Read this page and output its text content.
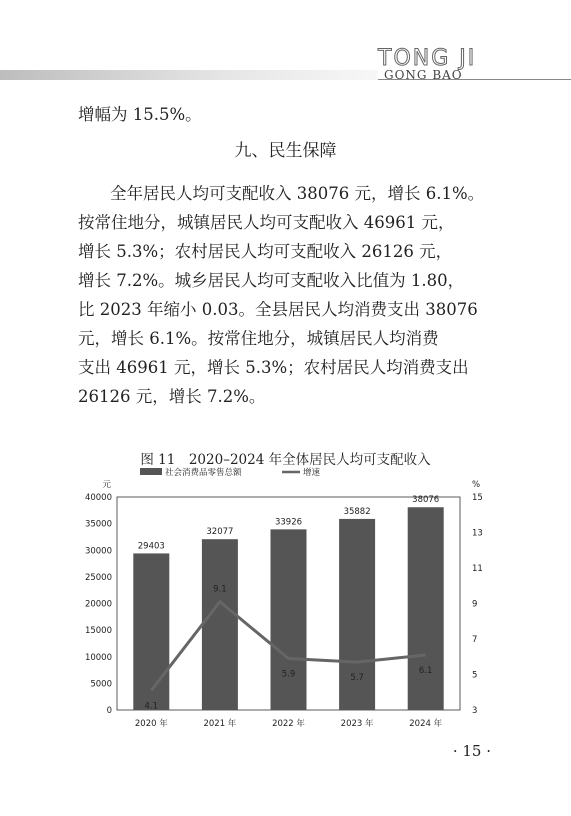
TONG JI
GONG BAO
增幅为 15.5%。
九、民生保障
全年居民人均可支配收入 38076 元，增长 6.1%。
按常住地分，城镇居民人均可支配收入 46961 元，
增长 5.3%；农村居民人均可支配收入 26126 元，
增长 7.2%。城乡居民人均可支配收入比值为 1.80，
比 2023 年缩小 0.03。全县居民人均消费支出 38076
元，增长 6.1%。按常住地分，城镇居民人均消费
支出 46961 元，增长 5.3%；农村居民人均消费支出
26126 元，增长 7.2%。
图 11　2020–2024 年全体居民人均可支配收入
元	%
0
5000
10000
15000
20000
25000
30000
35000
40000
3
5
7
9
11
13
15
29403
2020 年
32077
2021 年
33926
2022 年
35882
2023 年
38076
2024 年
4.1
9.1
5.9	5.7
6.1
社会消费品零售总额	增速
· 15 ·
